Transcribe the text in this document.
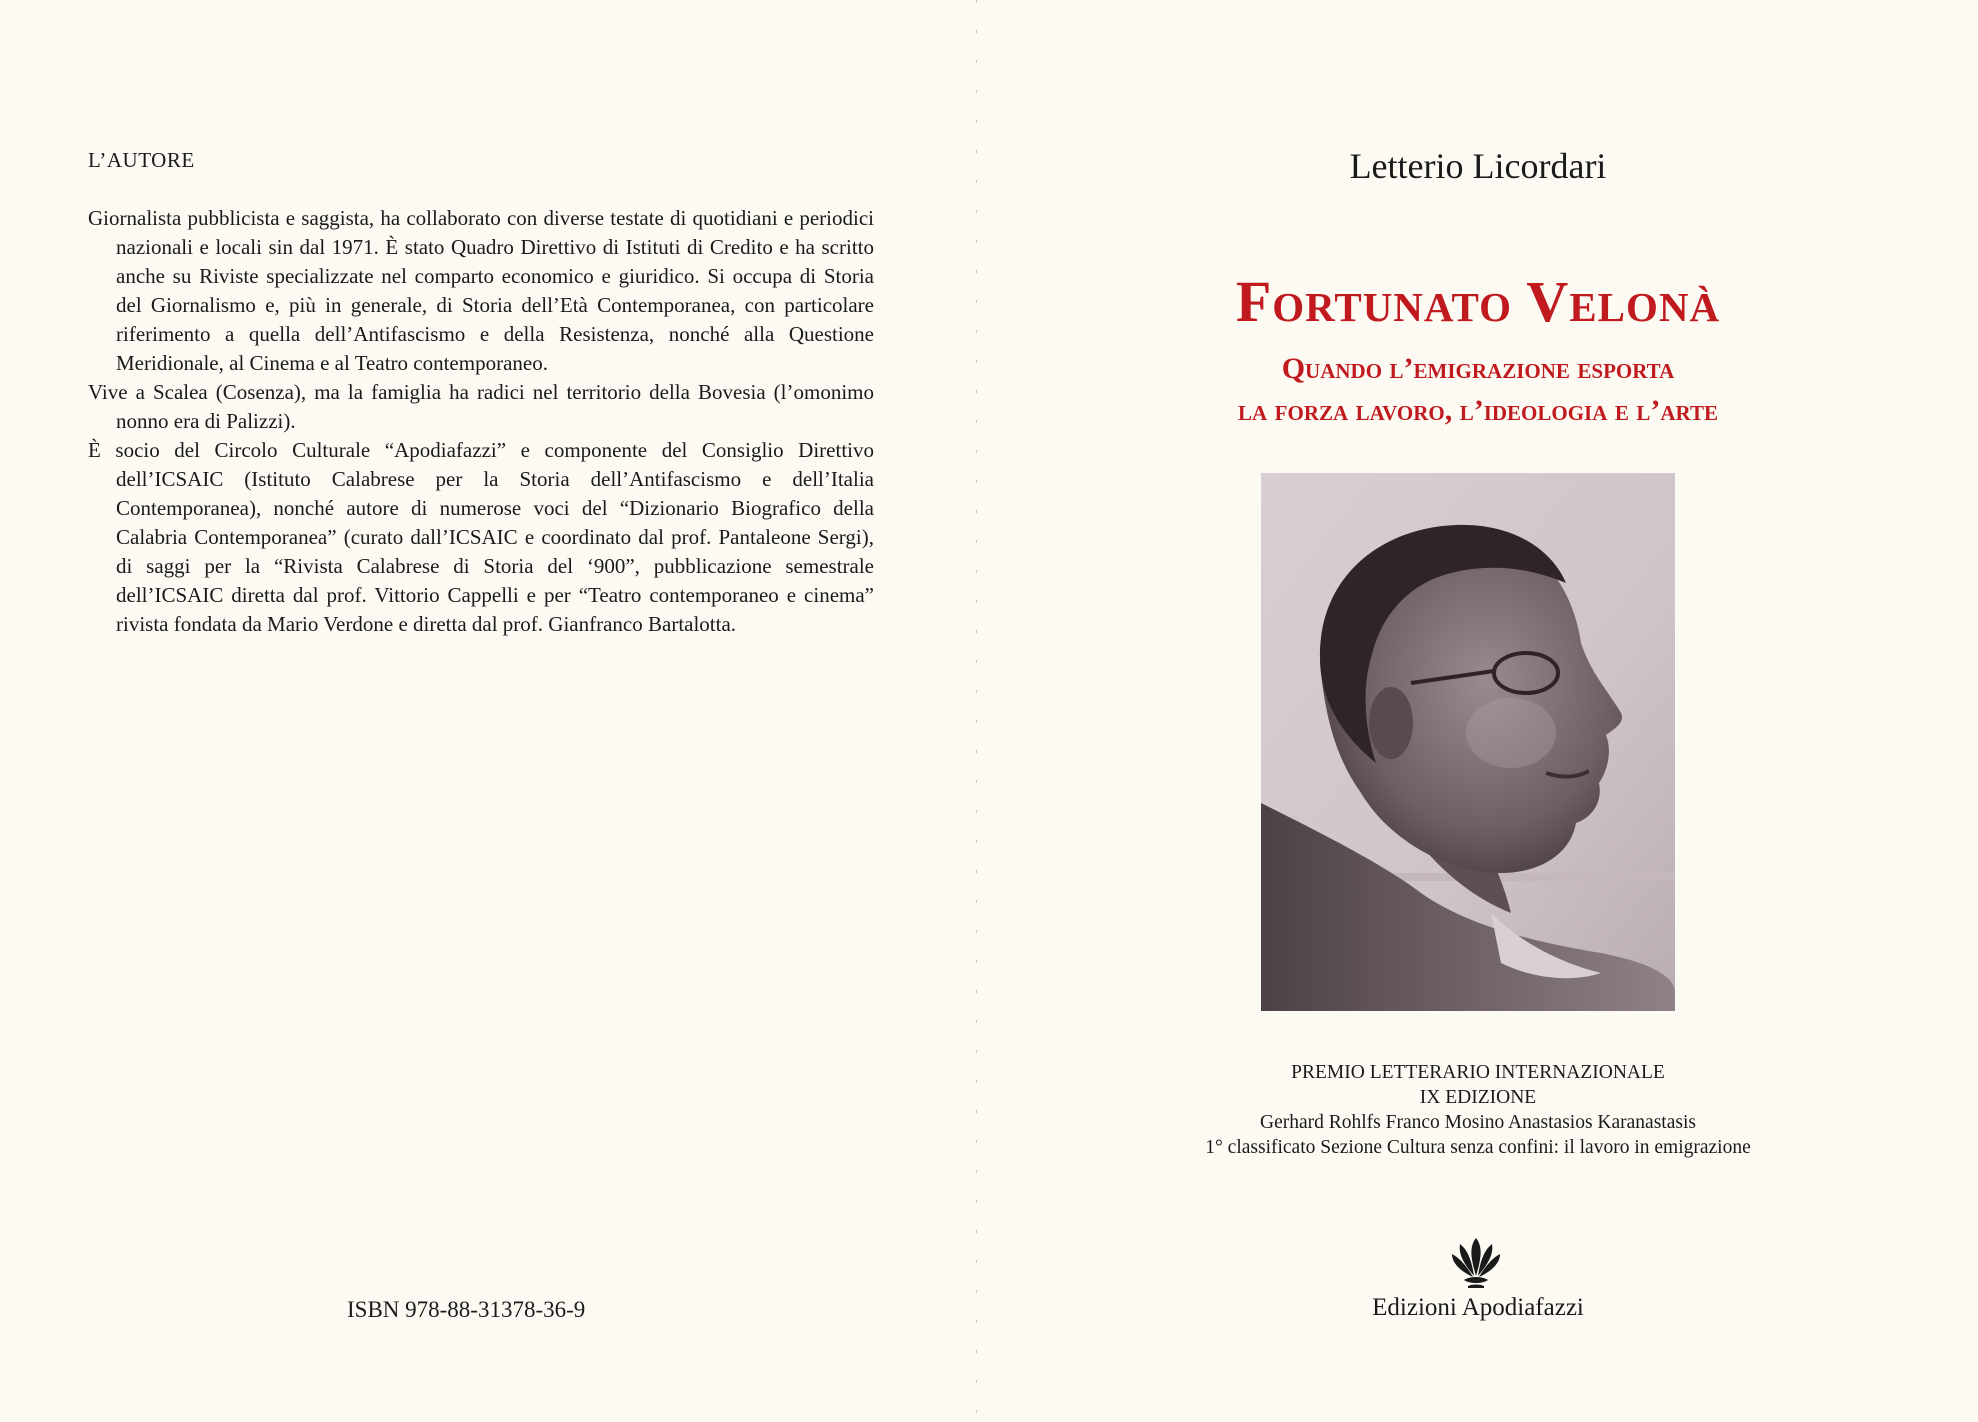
L’AUTORE

Giornalista pubblicista e saggista, ha collaborato con diverse testate di quotidiani e periodici nazionali e locali sin dal 1971. È stato Quadro Direttivo di Istituti di Credito e ha scritto anche su Riviste specializzate nel comparto economico e giuridico. Si occupa di Storia del Giornalismo e, più in generale, di Storia dell’Età Contemporanea, con particolare riferimento a quella dell’Antifascismo e della Resistenza, nonché alla Questione Meridionale, al Cinema e al Teatro contemporaneo.

Vive a Scalea (Cosenza), ma la famiglia ha radici nel territorio della Bovesia (l’omonimo nonno era di Palizzi).

È socio del Circolo Culturale “Apodiafazzi” e componente del Consiglio Direttivo dell’ICSAIC (Istituto Calabrese per la Storia dell’Antifascismo e dell’Italia Contemporanea), nonché autore di numerose voci del “Dizionario Biografico della Calabria Contemporanea” (curato dall’ICSAIC e coordinato dal prof. Pantaleone Sergi), di saggi per la “Rivista Calabrese di Storia del ‘900”, pubblicazione semestrale dell’ICSAIC diretta dal prof. Vittorio Cappelli e per “Teatro contemporaneo e cinema” rivista fondata da Mario Verdone e diretta dal prof. Gianfranco Bartalotta.

ISBN 978-88-31378-36-9
Letterio Licordari
Fortunato Velonà
Quando l’emigrazione esporta
la forza lavoro, l’ideologia e l’arte
PREMIO LETTERARIO INTERNAZIONALE
IX EDIZIONE
Gerhard Rohlfs Franco Mosino Anastasios Karanastasis
1° classificato Sezione Cultura senza confini: il lavoro in emigrazione
Edizioni Apodiafazzi
